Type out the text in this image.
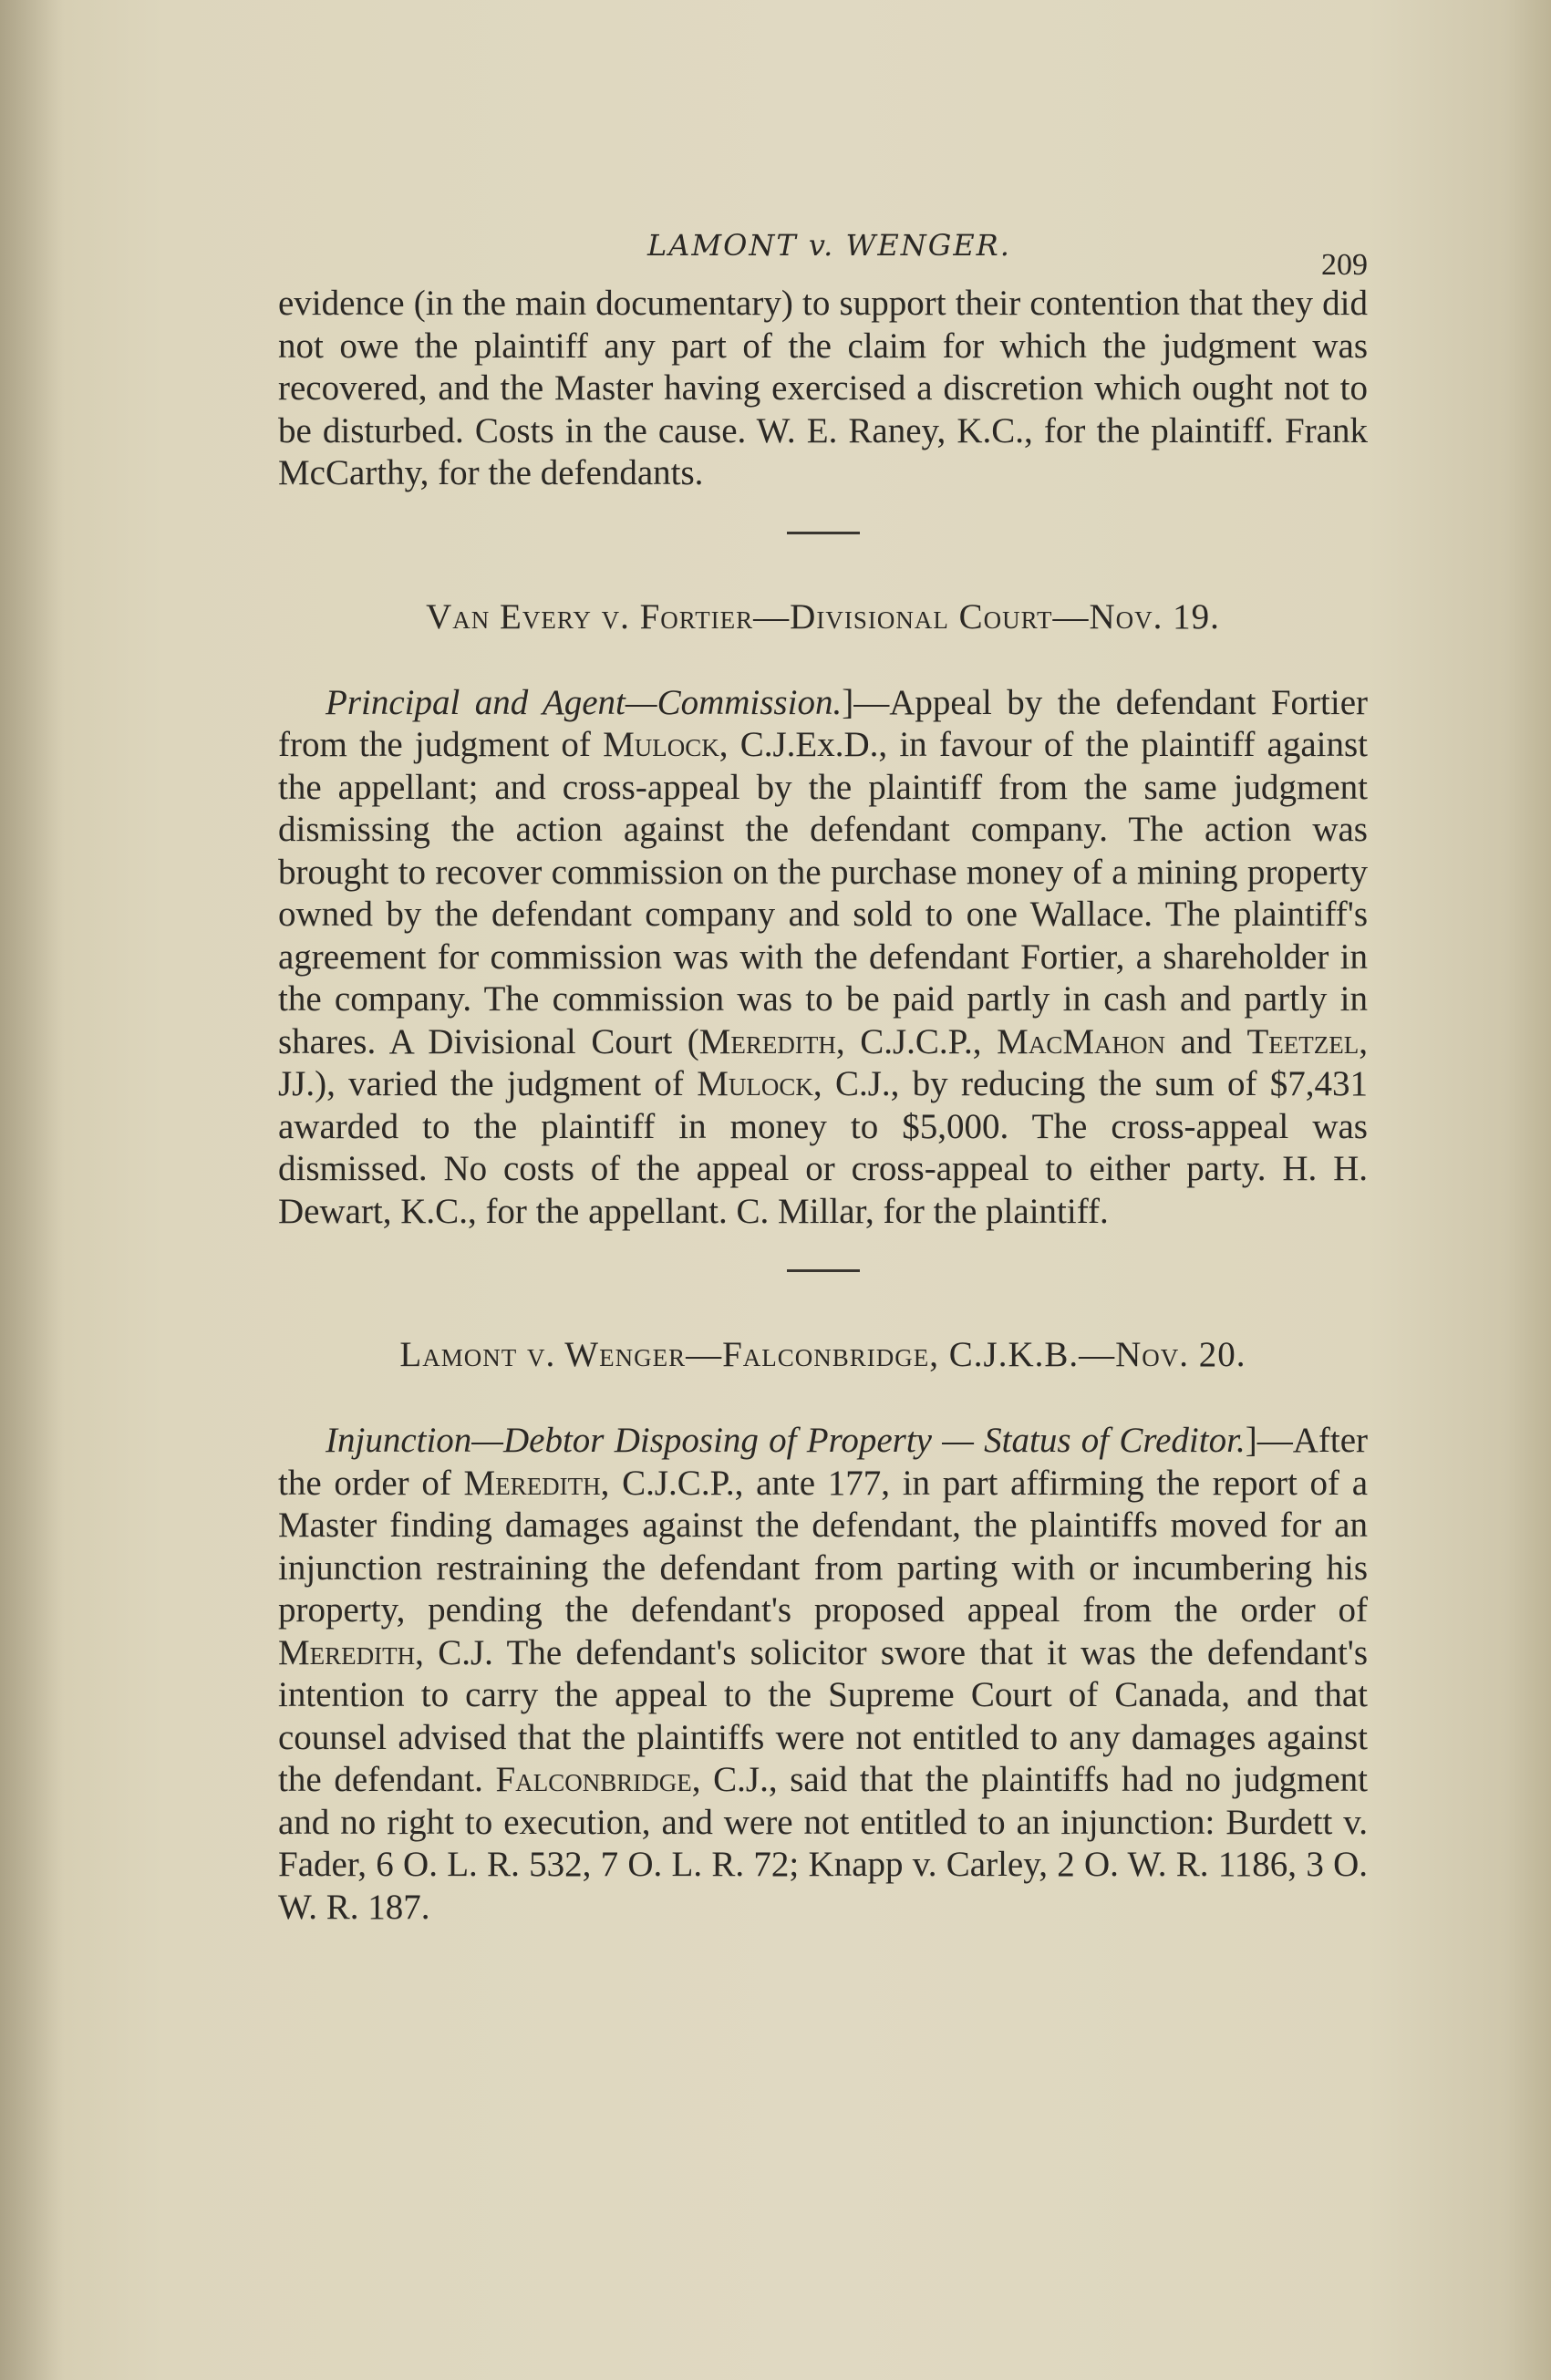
LAMONT v. WENGER.
209

evidence (in the main documentary) to support their contention that they did not owe the plaintiff any part of the claim for which the judgment was recovered, and the Master having exercised a discretion which ought not to be disturbed. Costs in the cause. W. E. Raney, K.C., for the plaintiff. Frank McCarthy, for the defendants.

Van Every v. Fortier—Divisional Court—Nov. 19.

Principal and Agent—Commission.]—Appeal by the defendant Fortier from the judgment of Mulock, C.J.Ex.D., in favour of the plaintiff against the appellant; and cross-appeal by the plaintiff from the same judgment dismissing the action against the defendant company. The action was brought to recover commission on the purchase money of a mining property owned by the defendant company and sold to one Wallace. The plaintiff's agreement for commission was with the defendant Fortier, a shareholder in the company. The commission was to be paid partly in cash and partly in shares. A Divisional Court (Meredith, C.J.C.P., MacMahon and Teetzel, JJ.), varied the judgment of Mulock, C.J., by reducing the sum of $7,431 awarded to the plaintiff in money to $5,000. The cross-appeal was dismissed. No costs of the appeal or cross-appeal to either party. H. H. Dewart, K.C., for the appellant. C. Millar, for the plaintiff.

Lamont v. Wenger—Falconbridge, C.J.K.B.—Nov. 20.

Injunction—Debtor Disposing of Property — Status of Creditor.]—After the order of Meredith, C.J.C.P., ante 177, in part affirming the report of a Master finding damages against the defendant, the plaintiffs moved for an injunction restraining the defendant from parting with or incumbering his property, pending the defendant's proposed appeal from the order of Meredith, C.J. The defendant's solicitor swore that it was the defendant's intention to carry the appeal to the Supreme Court of Canada, and that counsel advised that the plaintiffs were not entitled to any damages against the defendant. Falconbridge, C.J., said that the plaintiffs had no judgment and no right to execution, and were not entitled to an injunction: Burdett v. Fader, 6 O. L. R. 532, 7 O. L. R. 72; Knapp v. Carley, 2 O. W. R. 1186, 3 O. W. R. 187.
